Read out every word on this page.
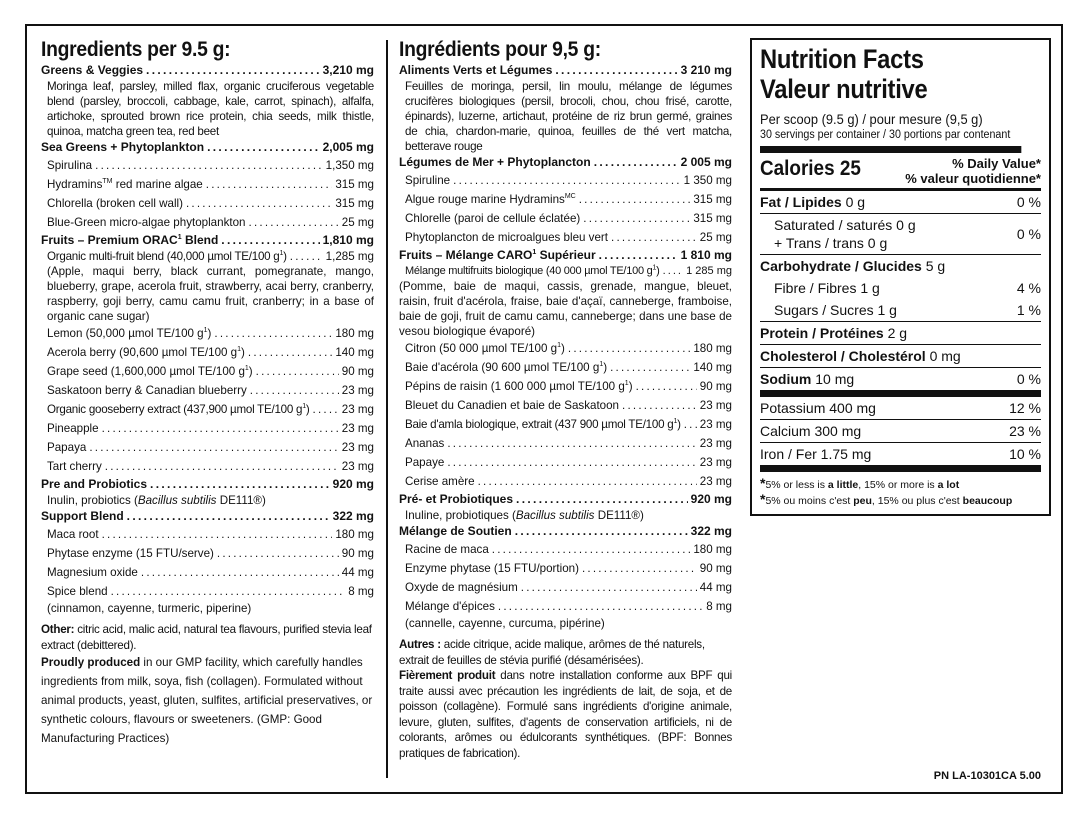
Ingredients per 9.5 g:
Greens & Veggies . . .	3,210 mg
Moringa leaf, parsley, milled flax, organic cruciferous vegetable blend (parsley, broccoli, cabbage, kale, carrot, spinach), alfalfa, artichoke, sprouted brown rice protein, chia seeds, milk thistle, quinoa, matcha green tea, red beet
Sea Greens + Phytoplankton . . .	2,005 mg
Spirulina . . .	1,350 mg
Hydramins™ red marine algae . . .	315 mg
Chlorella (broken cell wall) . . .	315 mg
Blue-Green micro-algae phytoplankton . . .	25 mg
Fruits – Premium ORAC$^1$ Blend . . .	1,810 mg
Organic multi-fruit blend (40,000 µmol TE/100 $g^1$) . . .	1,285 mg
(Apple, maqui berry, black currant, pomegranate, mango, blueberry, grape, acerola fruit, strawberry, acai berry, cranberry, raspberry, goji berry, camu camu fruit, cranberry; in a base of organic cane sugar)
Lemon (50,000 µmol TE/100 $g^1$) . . .	180 mg
Acerola berry (90,600 µmol TE/100 $g^1$) . . .	140 mg
Grape seed (1,600,000 µmol TE/100 $g^1$) . . .	90 mg
Saskatoon berry & Canadian blueberry . . .	23 mg
Organic gooseberry extract (437,900 µmol TE/100 $g^1$) . . .	23 mg
Pineapple . . .	23 mg
Papaya . . .	23 mg
Tart cherry . . .	23 mg
Pre and Probiotics . . .	920 mg
Inulin, probiotics (Bacillus subtilis DE111®)
Support Blend . . .	322 mg
Maca root . . .	180 mg
Phytase enzyme (15 FTU/serve) . . .	90 mg
Magnesium oxide . . .	44 mg
Spice blend . . .	8 mg
(cinnamon, cayenne, turmeric, piperine)
Other: citric acid, malic acid, natural tea flavours, purified stevia leaf extract (debittered).
Proudly produced in our GMP facility, which carefully handles ingredients from milk, soya, fish (collagen). Formulated without animal products, yeast, gluten, sulfites, artificial preservatives, or synthetic colours, flavours or sweeteners. (GMP: Good Manufacturing Practices)
Ingrédients pour 9,5 g:
Aliments Verts et Légumes . . .	3 210 mg
Feuilles de moringa, persil, lin moulu, mélange de légumes crucifères biologiques (persil, brocoli, chou, chou frisé, carotte, épinards), luzerne, artichaut, protéine de riz brun germé, graines de chia, chardon-marie, quinoa, feuilles de thé vert matcha, betterave rouge
Légumes de Mer + Phytoplancton . . .	2 005 mg
Spiruline . . .	1 350 mg
Algue rouge marine Hydramins$^{MC}$ . . .	315 mg
Chlorelle (paroi de cellule éclatée) . . .	315 mg
Phytoplancton de microalgues bleu vert . . .	25 mg
Fruits – Mélange CARO$^1$ Supérieur . . .	1 810 mg
Mélange multifruits biologique (40 000 µmol TE/100 $g^1$) . . . 1 285 mg
(Pomme, baie de maqui, cassis, grenade, mangue, bleuet, raisin, fruit d'acérola, fraise, baie d'açaï, canneberge, framboise, baie de goji, fruit de camu camu, canneberge; dans une base de vesou biologique évaporé)
Citron (50 000 µmol TE/100 $g^1$) . . .	180 mg
Baie d'acérola (90 600 µmol TE/100 $g^1$) . . .	140 mg
Pépins de raisin (1 600 000 µmol TE/100 $g^1$) . . .	90 mg
Bleuet du Canadien et baie de Saskatoon . . .	23 mg
Baie d'amla biologique, extrait (437 900 µmol TE/100 $g^1$) . . . 23 mg
Ananas . . .	23 mg
Papaye . . .	23 mg
Cerise amère . . .	23 mg
Pré- et Probiotiques . . .	920 mg
Inuline, probiotiques (Bacillus subtilis DE111®)
Mélange de Soutien . . .	322 mg
Racine de maca . . .	180 mg
Enzyme phytase (15 FTU/portion) . . .	90 mg
Oxyde de magnésium . . .	44 mg
Mélange d'épices . . .	8 mg
(cannelle, cayenne, curcuma, pipérine)
Autres : acide citrique, acide malique, arômes de thé naturels, extrait de feuilles de stévia purifié (désamérisées).
Fièrement produit dans notre installation conforme aux BPF qui traite aussi avec précaution les ingrédients de lait, de soja, et de poisson (collagène). Formulé sans ingrédients d'origine animale, levure, gluten, sulfites, d'agents de conservation artificiels, ni de colorants, arômes ou édulcorants synthétiques. (BPF: Bonnes pratiques de fabrication).
Nutrition Facts
Valeur nutritive
Per scoop (9.5 g) / pour mesure (9,5 g)
30 servings per container / 30 portions par contenant
Calories 25	% Daily Value*
% valeur quotidienne*
Fat / Lipides 0 g	0 %
Saturated / saturés 0 g
+ Trans / trans 0 g
0 %
Carbohydrate / Glucides 5 g
Fibre / Fibres 1 g	4 %
Sugars / Sucres 1 g	1 %
Protein / Protéines 2 g
Cholesterol / Cholestérol 0 mg
Sodium 10 mg	0 %
Potassium 400 mg	12 %
Calcium 300 mg	23 %
Iron / Fer 1.75 mg	10 %
*5% or less is a little, 15% or more is a lot
*5% ou moins c'est peu, 15% ou plus c'est beaucoup
PN LA-10301CA 5.00
